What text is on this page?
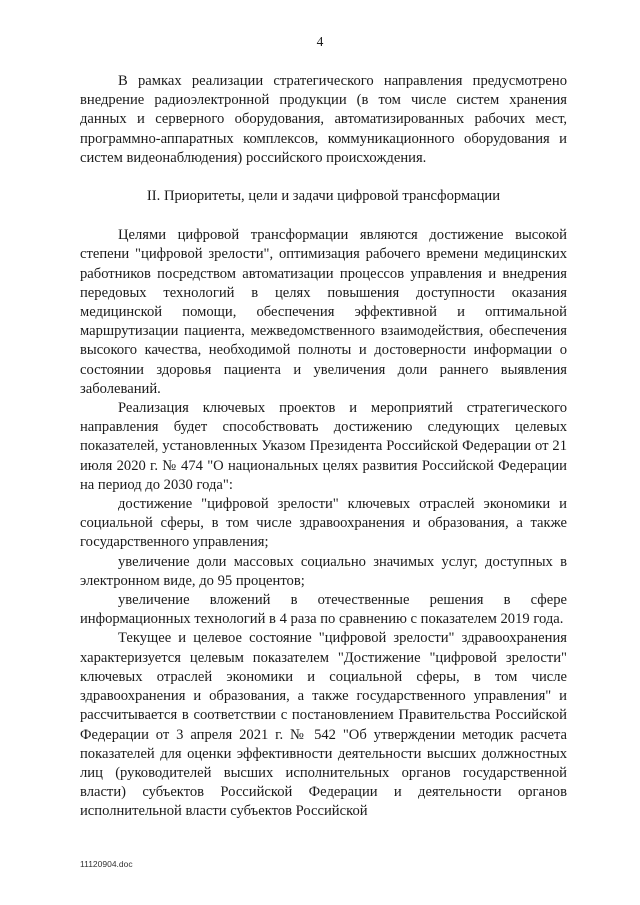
4

В рамках реализации стратегического направления предусмотрено внедрение радиоэлектронной продукции (в том числе систем хранения данных и серверного оборудования, автоматизированных рабочих мест, программно-аппаратных комплексов, коммуникационного оборудования и систем видеонаблюдения) российского происхождения.

II. Приоритеты, цели и задачи цифровой трансформации

Целями цифровой трансформации являются достижение высокой степени "цифровой зрелости", оптимизация рабочего времени медицинских работников посредством автоматизации процессов управления и внедрения передовых технологий в целях повышения доступности оказания медицинской помощи, обеспечения эффективной и оптимальной маршрутизации пациента, межведомственного взаимодействия, обеспечения высокого качества, необходимой полноты и достоверности информации о состоянии здоровья пациента и увеличения доли раннего выявления заболеваний.

Реализация ключевых проектов и мероприятий стратегического направления будет способствовать достижению следующих целевых показателей, установленных Указом Президента Российской Федерации от 21 июля 2020 г. № 474 "О национальных целях развития Российской Федерации на период до 2030 года":

достижение "цифровой зрелости" ключевых отраслей экономики и социальной сферы, в том числе здравоохранения и образования, а также государственного управления;

увеличение доли массовых социально значимых услуг, доступных в электронном виде, до 95 процентов;

увеличение вложений в отечественные решения в сфере информационных технологий в 4 раза по сравнению с показателем 2019 года.

Текущее и целевое состояние "цифровой зрелости" здравоохранения характеризуется целевым показателем "Достижение "цифровой зрелости" ключевых отраслей экономики и социальной сферы, в том числе здравоохранения и образования, а также государственного управления" и рассчитывается в соответствии с постановлением Правительства Российской Федерации от 3 апреля 2021 г. № 542 "Об утверждении методик расчета показателей для оценки эффективности деятельности высших должностных лиц (руководителей высших исполнительных органов государственной власти) субъектов Российской Федерации и деятельности органов исполнительной власти субъектов Российской

11120904.doc
